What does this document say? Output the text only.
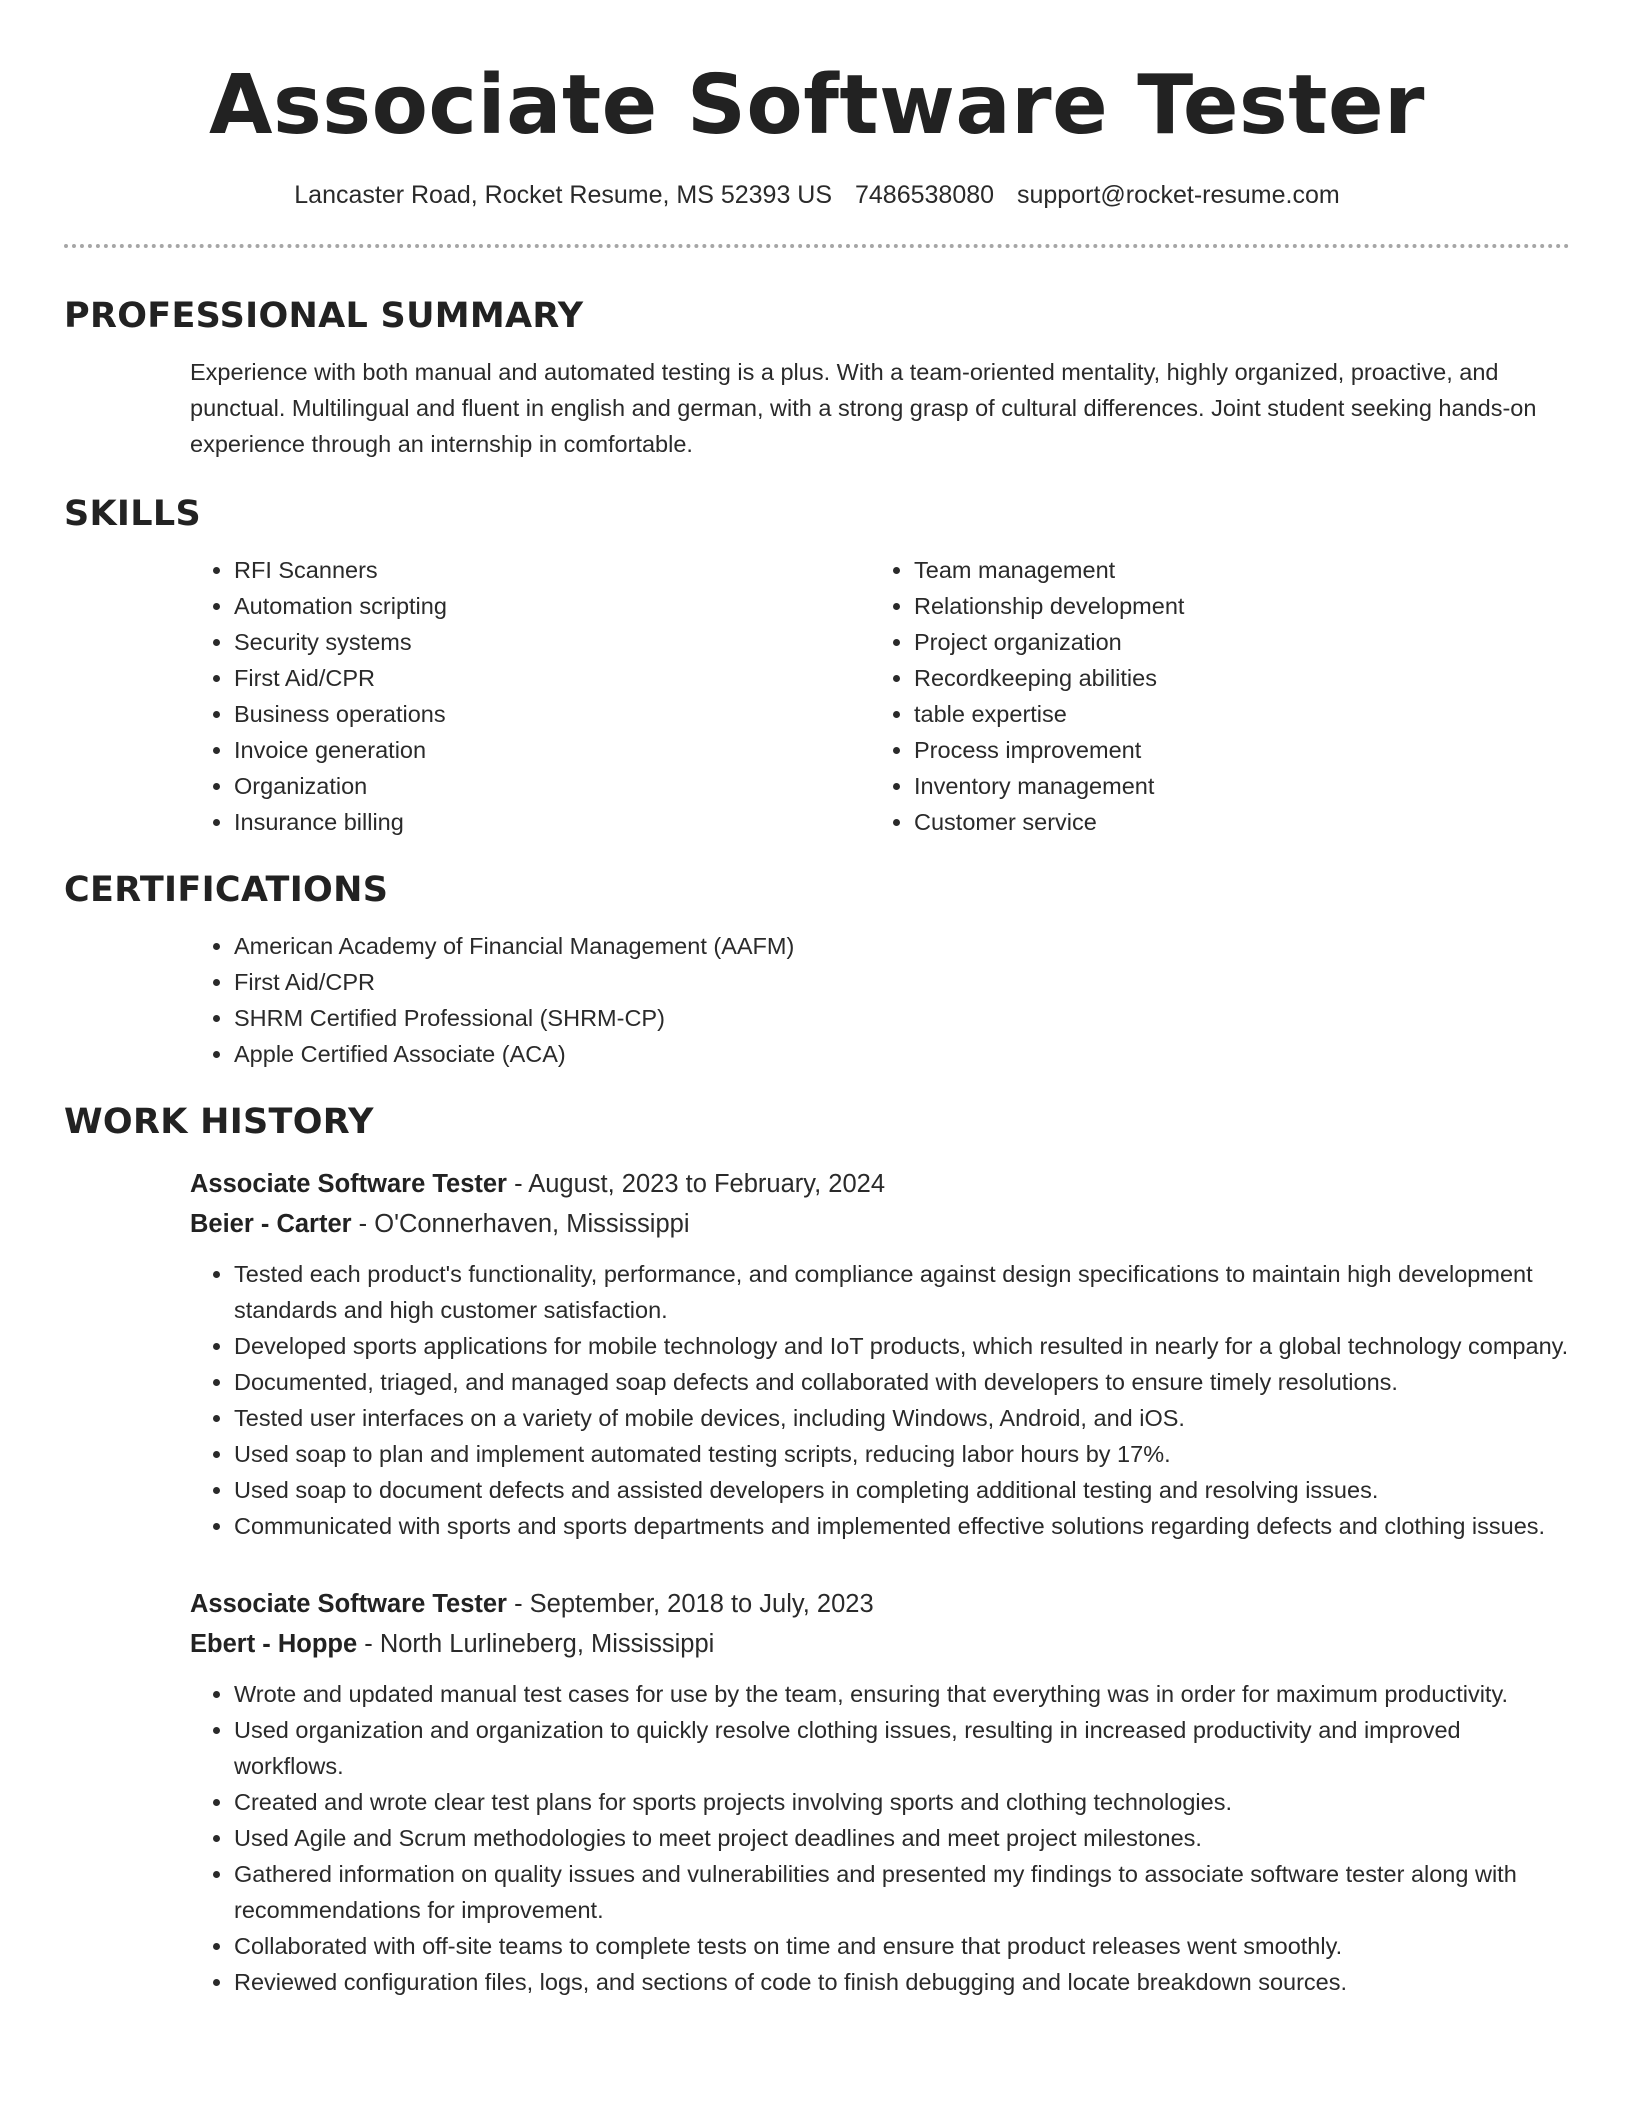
Associate Software Tester
Lancaster Road, Rocket Resume, MS 52393 US 7486538080 support@rocket-resume.com
PROFESSIONAL SUMMARY

Experience with both manual and automated testing is a plus. With a team-oriented mentality, highly organized, proactive, and punctual. Multilingual and fluent in english and german, with a strong grasp of cultural differences. Joint student seeking hands-on experience through an internship in comfortable.

SKILLS
• RFI Scanners
• Automation scripting
• Security systems
• First Aid/CPR
• Business operations
• Invoice generation
• Organization
• Insurance billing
• Team management
• Relationship development
• Project organization
• Recordkeeping abilities
• table expertise
• Process improvement
• Inventory management
• Customer service
CERTIFICATIONS
• American Academy of Financial Management (AAFM)
• First Aid/CPR
• SHRM Certified Professional (SHRM-CP)
• Apple Certified Associate (ACA)
WORK HISTORY
Associate Software Tester - August, 2023 to February, 2024
Beier - Carter - O'Connerhaven, Mississippi
• Tested each product's functionality, performance, and compliance against design specifications to maintain high development standards and high customer satisfaction.
• Developed sports applications for mobile technology and IoT products, which resulted in nearly for a global technology company.
• Documented, triaged, and managed soap defects and collaborated with developers to ensure timely resolutions.
• Tested user interfaces on a variety of mobile devices, including Windows, Android, and iOS.
• Used soap to plan and implement automated testing scripts, reducing labor hours by 17%.
• Used soap to document defects and assisted developers in completing additional testing and resolving issues.
• Communicated with sports and sports departments and implemented effective solutions regarding defects and clothing issues.
Associate Software Tester - September, 2018 to July, 2023
Ebert - Hoppe - North Lurlineberg, Mississippi
• Wrote and updated manual test cases for use by the team, ensuring that everything was in order for maximum productivity.
• Used organization and organization to quickly resolve clothing issues, resulting in increased productivity and improved workflows.
• Created and wrote clear test plans for sports projects involving sports and clothing technologies.
• Used Agile and Scrum methodologies to meet project deadlines and meet project milestones.
• Gathered information on quality issues and vulnerabilities and presented my findings to associate software tester along with recommendations for improvement.
• Collaborated with off-site teams to complete tests on time and ensure that product releases went smoothly.
• Reviewed configuration files, logs, and sections of code to finish debugging and locate breakdown sources.
